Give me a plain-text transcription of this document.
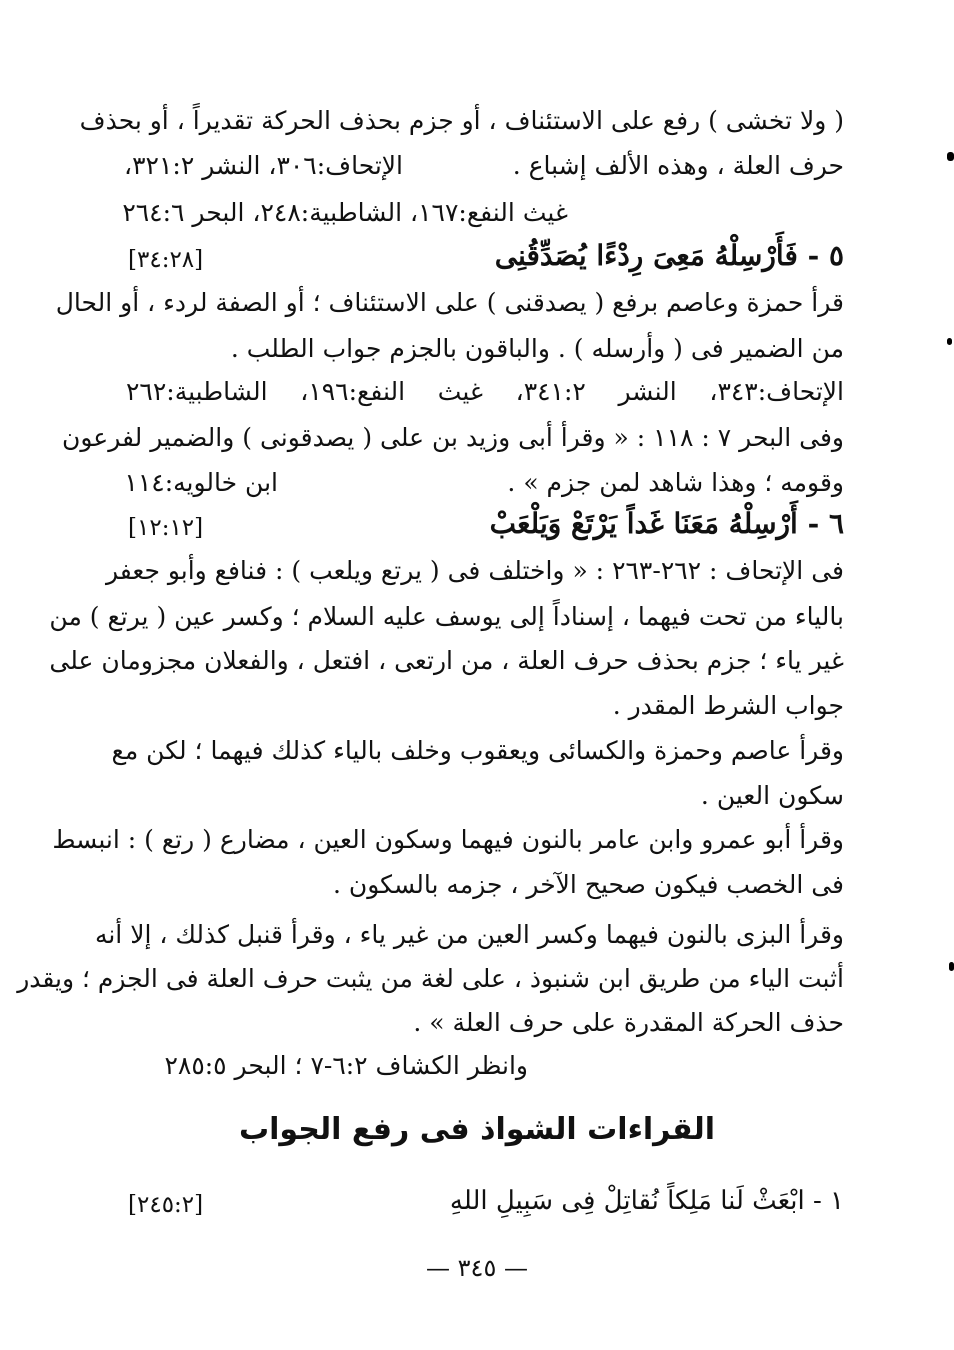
( ولا تخشى ) رفع على الاستئناف ، أو جزم بحذف الحركة تقديراً ، أو بحذف
حرف العلة ، وهذه الألف إشباع .
الإتحاف:٣٠٦، النشر ٣٢١:٢،
غيث النفع:١٦٧، الشاطبية:٢٤٨، البحر ٢٦٤:٦
٥ - فَأَرْسِلْهُ مَعِىَ رِدْءًا يُصَدِّقُنِى
[٣٤:٢٨]
قرأ حمزة وعاصم برفع ( يصدقنى ) على الاستئناف ؛ أو الصفة لردء ، أو الحال
من الضمير فى ( وأرسله ) . والباقون بالجزم جواب الطلب .
الإتحاف:٣٤٣، النشر ٣٤١:٢، غيث النفع:١٩٦، الشاطبية:٢٦٢
وفى البحر ٧ : ١١٨ : « وقرأ أبى وزيد بن على ( يصدقونى ) والضمير لفرعون
وقومه ؛ وهذا شاهد لمن جزم » .
ابن خالويه:١١٤
٦ - أَرْسِلْهُ مَعَنَا غَداً يَرْتَعْ وَيَلْعَبْ
[١٢:١٢]
فى الإتحاف : ٢٦٢-٢٦٣ : « واختلف فى ( يرتع ويلعب ) : فنافع وأبو جعفر
بالياء من تحت فيهما ، إسناداً إلى يوسف عليه السلام ؛ وكسر عين ( يرتع ) من
غير ياء ؛ جزم بحذف حرف العلة ، من ارتعى ، افتعل ، والفعلان مجزومان على
جواب الشرط المقدر .
وقرأ عاصم وحمزة والكسائى ويعقوب وخلف بالياء كذلك فيهما ؛ لكن مع
سكون العين .
وقرأ أبو عمرو وابن عامر بالنون فيهما وسكون العين ، مضارع ( رتع ) : انبسط
فى الخصب فيكون صحيح الآخر ، جزمه بالسكون .
وقرأ البزى بالنون فيهما وكسر العين من غير ياء ، وقرأ قنبل كذلك ، إلا أنه
أثبت الياء من طريق ابن شنبوذ ، على لغة من يثبت حرف العلة فى الجزم ؛ ويقدر
حذف الحركة المقدرة على حرف العلة » .
وانظر الكشاف ٦:٢-٧ ؛ البحر ٢٨٥:٥
القراءات الشواذ فى رفع الجواب
١ - ابْعَثْ لَنا مَلِكاً نُقاتِلْ فِى سَبِيلِ اللهِ
[٢٤٥:٢]
— ٣٤٥ —
